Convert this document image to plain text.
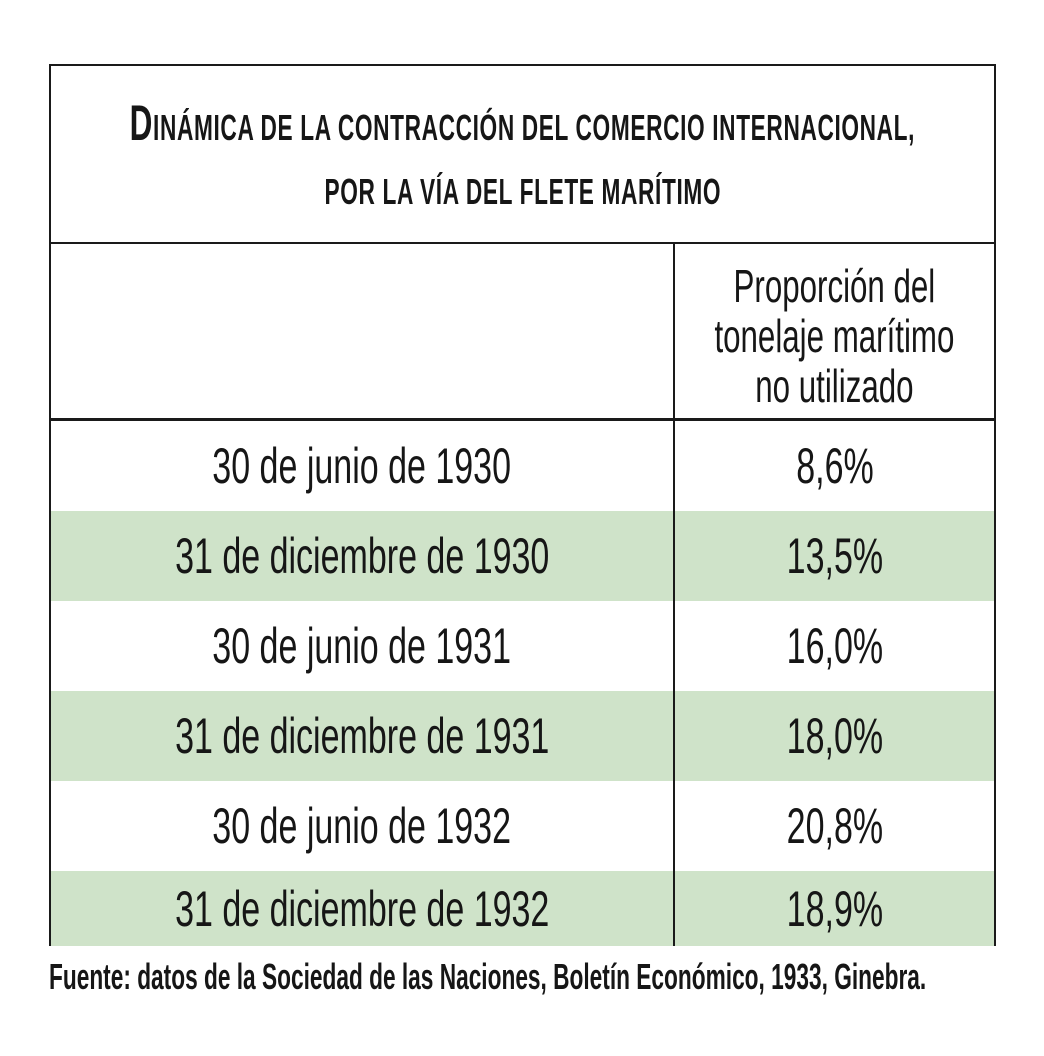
DINÁMICA DE LA CONTRACCIÓN DEL COMERCIO INTERNACIONAL,
POR LA VÍA DEL FLETE MARÍTIMO
Proporción del
tonelaje marítimo
no utilizado
30 de junio de 1930	8,6%
31 de diciembre de 1930	13,5%
30 de junio de 1931	16,0%
31 de diciembre de 1931	18,0%
30 de junio de 1932	20,8%
31 de diciembre de 1932	18,9%
Fuente: datos de la Sociedad de las Naciones, Boletín Económico, 1933, Ginebra.
